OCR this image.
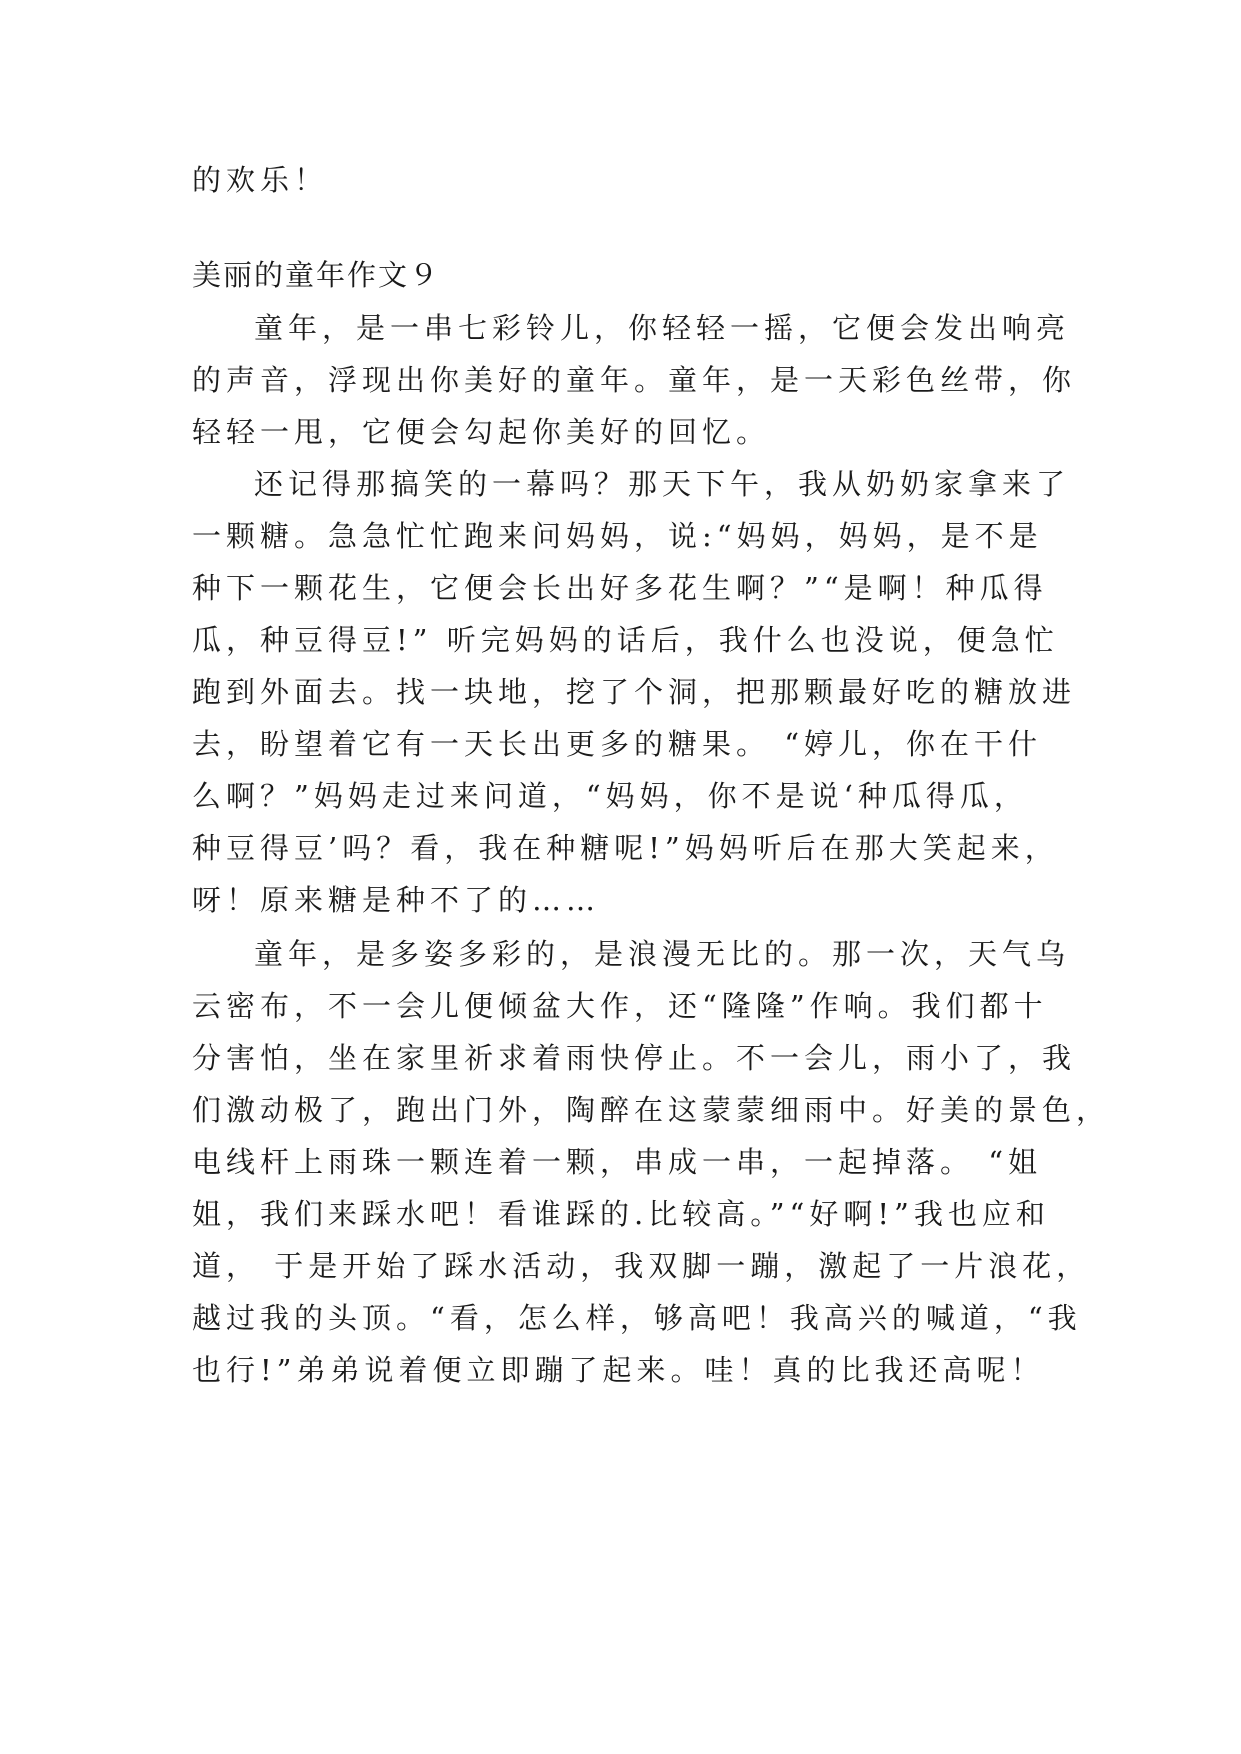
的欢乐！
美丽的童年作文９
童年，是一串七彩铃儿，你轻轻一摇，它便会发出响亮
的声音，浮现出你美好的童年。童年，是一天彩色丝带，你
轻轻一甩，它便会勾起你美好的回忆。
还记得那搞笑的一幕吗？那天下午，我从奶奶家拿来了
一颗糖。急急忙忙跑来问妈妈，说:“妈妈，妈妈，是不是
种下一颗花生，它便会长出好多花生啊？”“是啊！种瓜得
瓜，种豆得豆!” 听完妈妈的话后，我什么也没说，便急忙
跑到外面去。找一块地，挖了个洞，把那颗最好吃的糖放进
去，盼望着它有一天长出更多的糖果。 “婷儿，你在干什
么啊？”妈妈走过来问道，“妈妈，你不是说‘种瓜得瓜，
种豆得豆’吗？看，我在种糖呢!”妈妈听后在那大笑起来，
呀！原来糖是种不了的……
童年，是多姿多彩的，是浪漫无比的。那一次，天气乌
云密布，不一会儿便倾盆大作，还“隆隆”作响。我们都十
分害怕，坐在家里祈求着雨快停止。不一会儿，雨小了，我
们激动极了，跑出门外，陶醉在这蒙蒙细雨中。好美的景色，
电线杆上雨珠一颗连着一颗，串成一串，一起掉落。 “姐
姐，我们来踩水吧！看谁踩的.比较高。”“好啊!”我也应和
道， 于是开始了踩水活动，我双脚一蹦，激起了一片浪花，
越过我的头顶。“看，怎么样，够高吧！我高兴的喊道，“我
也行!”弟弟说着便立即蹦了起来。哇！真的比我还高呢！
